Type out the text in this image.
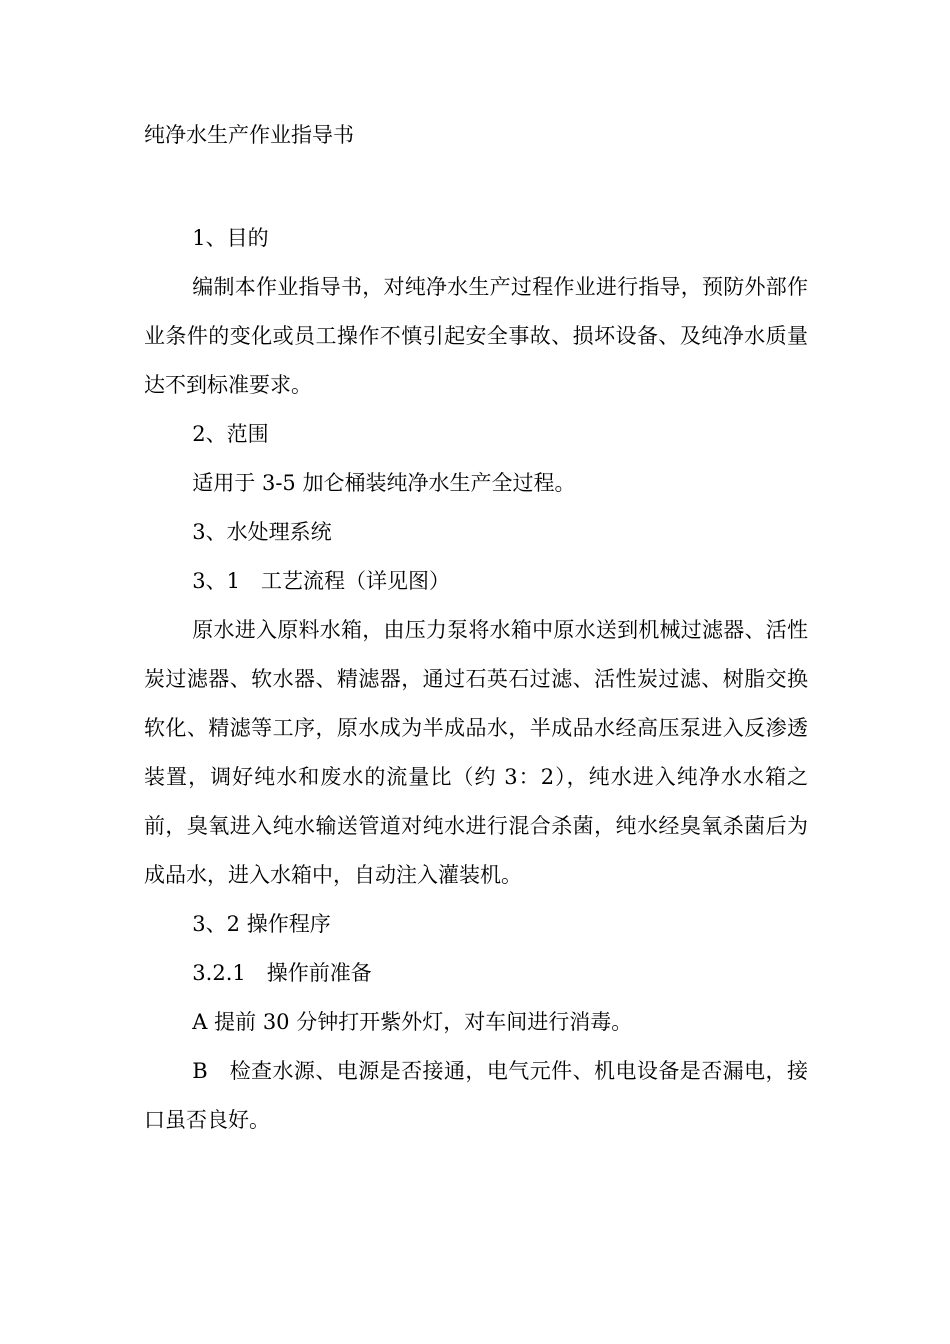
纯净水生产作业指导书

1、目的

编制本作业指导书，对纯净水生产过程作业进行指导，预防外部作业条件的变化或员工操作不慎引起安全事故、损坏设备、及纯净水质量达不到标准要求。

2、范围

适用于 3-5 加仑桶装纯净水生产全过程。

3、水处理系统

3、1　工艺流程（详见图）

原水进入原料水箱，由压力泵将水箱中原水送到机械过滤器、活性炭过滤器、软水器、精滤器，通过石英石过滤、活性炭过滤、树脂交换软化、精滤等工序，原水成为半成品水，半成品水经高压泵进入反渗透装置，调好纯水和废水的流量比（约 3：2），纯水进入纯净水水箱之前，臭氧进入纯水输送管道对纯水进行混合杀菌，纯水经臭氧杀菌后为成品水，进入水箱中，自动注入灌装机。

3、2 操作程序

3.2.1　操作前准备

A 提前 30 分钟打开紫外灯，对车间进行消毒。

B　检查水源、电源是否接通，电气元件、机电设备是否漏电，接口虽否良好。
